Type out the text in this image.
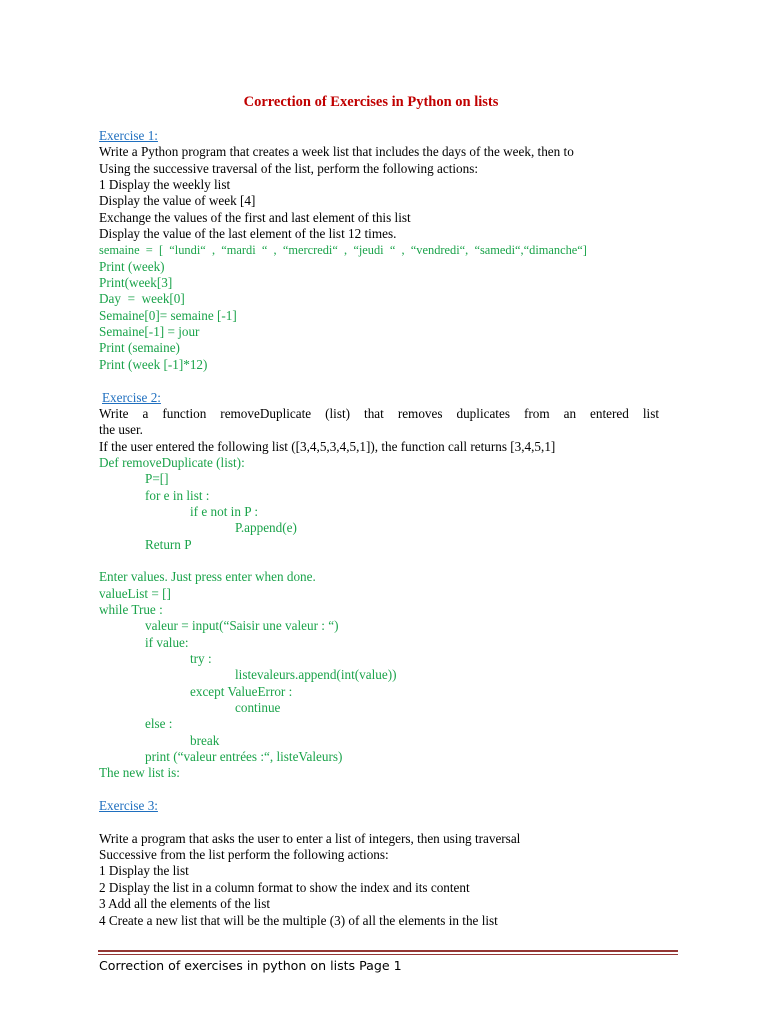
Correction of Exercises in Python on lists
Exercise 1:
Write a Python program that creates a week list that includes the days of the week, then to
Using the successive traversal of the list, perform the following actions:
1 Display the weekly list
Display the value of week [4]
Exchange the values of the first and last element of this list
Display the value of the last element of the list 12 times.
semaine  =  [  “lundi“  ,  “mardi  “  ,  “mercredi“  ,  “jeudi  “  ,  “vendredi“,  “samedi“,“dimanche“]
Print (week)
Print(week[3]
Day  =  week[0]
Semaine[0]= semaine [-1]
Semaine[-1] = jour
Print (semaine)
Print (week [-1]*12)
Exercise 2:
Write a function removeDuplicate (list) that removes duplicates from an entered list
the user.
If the user entered the following list ([3,4,5,3,4,5,1]), the function call returns [3,4,5,1]
Def removeDuplicate (list):
P=[]
for e in list :
if e not in P :
P.append(e)
Return P
Enter values. Just press enter when done.
valueList = []
while True :
valeur = input(“Saisir une valeur : “)
if value:
try :
listevaleurs.append(int(value))
except ValueError :
continue
else :
break
print (“valeur entrées :“, listeValeurs)
The new list is:
Exercise 3:
Write a program that asks the user to enter a list of integers, then using traversal
Successive from the list perform the following actions:
1 Display the list
2 Display the list in a column format to show the index and its content
3 Add all the elements of the list
4 Create a new list that will be the multiple (3) of all the elements in the list
Correction of exercises in python on lists Page 1
